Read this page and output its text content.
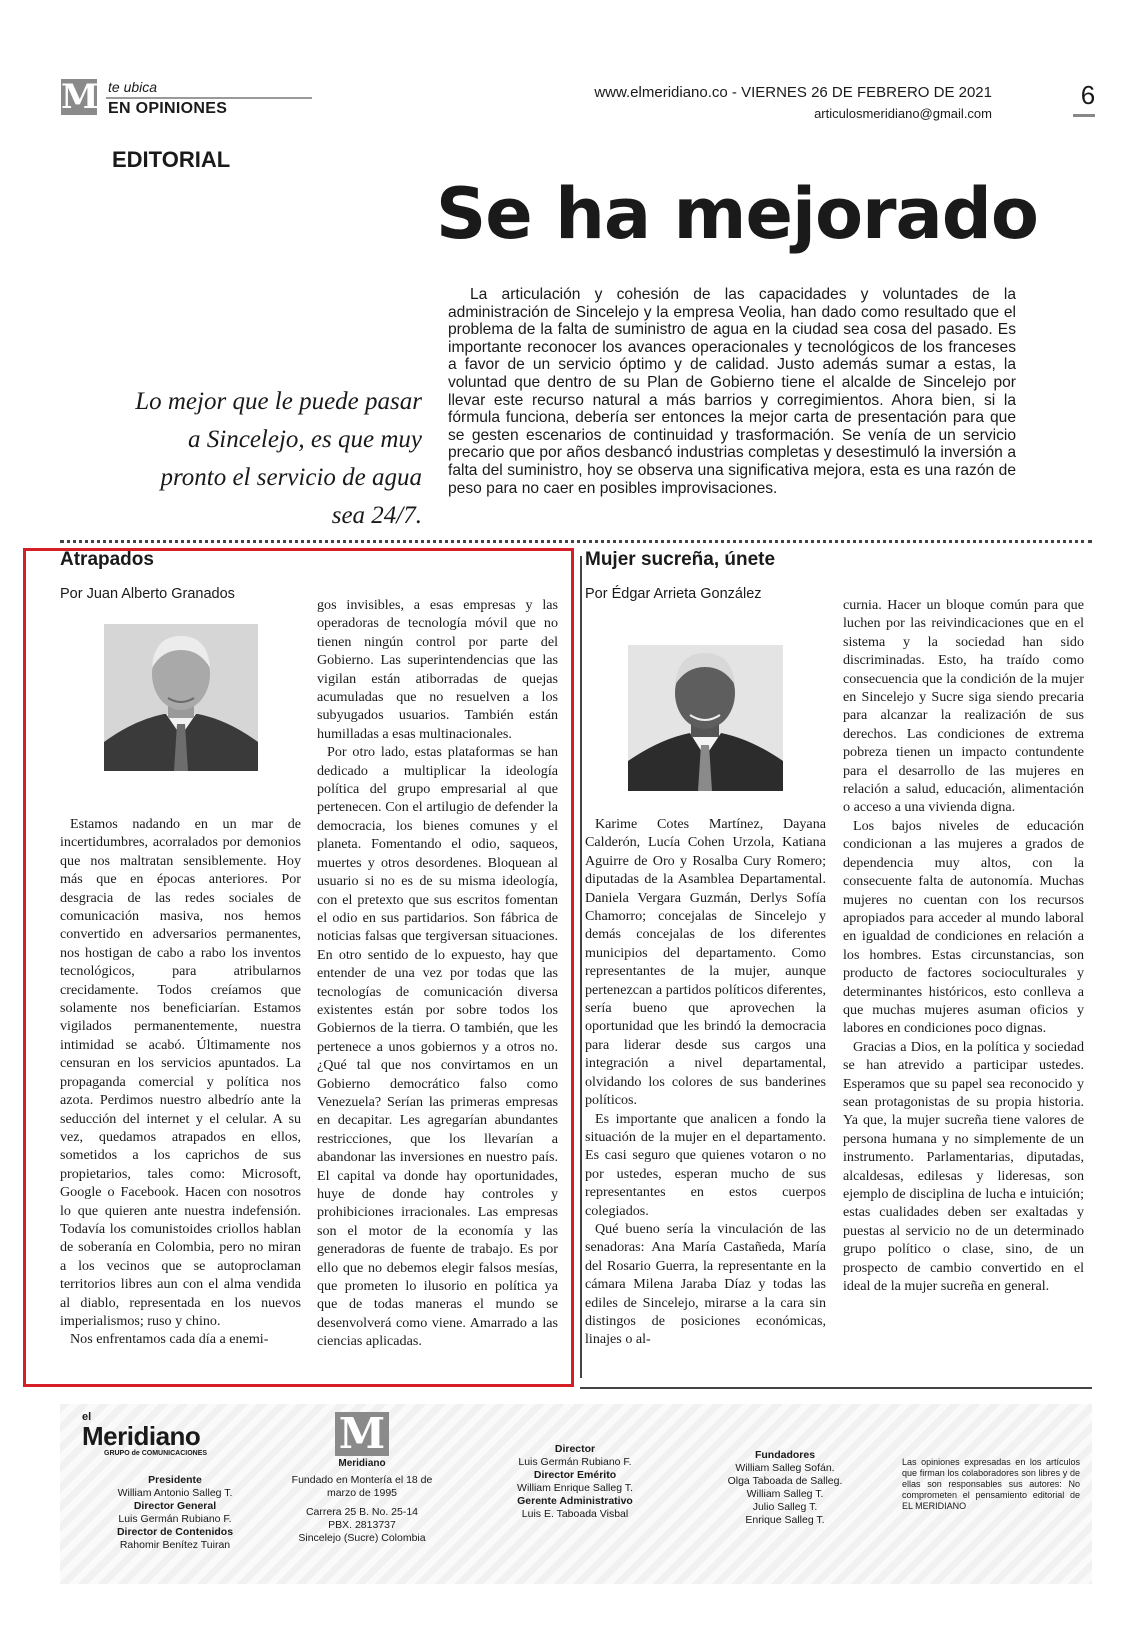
M te ubica
EN OPINIONES
www.elmeridiano.co - VIERNES 26 DE FEBRERO DE 2021
articulosmeridiano@gmail.com
6
EDITORIAL
Se ha mejorado

La articulación y cohesión de las capacidades y voluntades de la administración de Sincelejo y la empresa Veolia, han dado como resultado que el problema de la falta de suministro de agua en la ciudad sea cosa del pasado. Es importante reconocer los avances operacionales y tecnológicos de los franceses a favor de un servicio óptimo y de calidad. Justo además sumar a estas, la voluntad que dentro de su Plan de Gobierno tiene el alcalde de Sincelejo por llevar este recurso natural a más barrios y corregimientos. Ahora bien, si la fórmula funciona, debería ser entonces la mejor carta de presentación para que se gesten escenarios de continuidad y trasformación. Se venía de un servicio precario que por años desbancó industrias completas y desestimuló la inversión a falta del suministro, hoy se observa una significativa mejora, esta es una razón de peso para no caer en posibles improvisaciones.

Lo mejor que le puede pasar a Sincelejo, es que muy pronto el servicio de agua sea 24/7.
Atrapados
Por Juan Alberto Granados

Estamos nadando en un mar de incertidumbres, acorralados por demonios que nos maltratan sensiblemente. Hoy más que en épocas anteriores. Por desgracia de las redes sociales de comunicación masiva, nos hemos convertido en adversarios permanentes, nos hostigan de cabo a rabo los inventos tecnológicos, para atribularnos crecidamente. Todos creíamos que solamente nos beneficiarían. Estamos vigilados permanentemente, nuestra intimidad se acabó. Últimamente nos censuran en los servicios apuntados. La propaganda comercial y política nos azota. Perdimos nuestro albedrío ante la seducción del internet y el celular. A su vez, quedamos atrapados en ellos, sometidos a los caprichos de sus propietarios, tales como: Microsoft, Google o Facebook. Hacen con nosotros lo que quieren ante nuestra indefensión. Todavía los comunistoides criollos hablan de soberanía en Colombia, pero no miran a los vecinos que se autoproclaman territorios libres aun con el alma vendida al diablo, representada en los nuevos imperialismos; ruso y chino.

Nos enfrentamos cada día a enemi-

gos invisibles, a esas empresas y las operadoras de tecnología móvil que no tienen ningún control por parte del Gobierno. Las superintendencias que las vigilan están atiborradas de quejas acumuladas que no resuelven a los subyugados usuarios. También están humilladas a esas multinacionales.

Por otro lado, estas plataformas se han dedicado a multiplicar la ideología política del grupo empresarial al que pertenecen. Con el artilugio de defender la democracia, los bienes comunes y el planeta. Fomentando el odio, saqueos, muertes y otros desordenes. Bloquean al usuario si no es de su misma ideología, con el pretexto que sus escritos fomentan el odio en sus partidarios. Son fábrica de noticias falsas que tergiversan situaciones. En otro sentido de lo expuesto, hay que entender de una vez por todas que las tecnologías de comunicación diversa existentes están por sobre todos los Gobiernos de la tierra. O también, que les pertenece a unos gobiernos y a otros no. ¿Qué tal que nos convirtamos en un Gobierno democrático falso como Venezuela? Serían las primeras empresas en decapitar. Les agregarían abundantes restricciones, que los llevarían a abandonar las inversiones en nuestro país. El capital va donde hay oportunidades, huye de donde hay controles y prohibiciones irracionales. Las empresas son el motor de la economía y las generadoras de fuente de trabajo. Es por ello que no debemos elegir falsos mesías, que prometen lo ilusorio en política ya que de todas maneras el mundo se desenvolverá como viene. Amarrado a las ciencias aplicadas.

Mujer sucreña, únete
Por Édgar Arrieta González

Karime Cotes Martínez, Dayana Calderón, Lucía Cohen Urzola, Katiana Aguirre de Oro y Rosalba Cury Romero; diputadas de la Asamblea Departamental. Daniela Vergara Guzmán, Derlys Sofía Chamorro; concejalas de Sincelejo y demás concejalas de los diferentes municipios del departamento. Como representantes de la mujer, aunque pertenezcan a partidos políticos diferentes, sería bueno que aprovechen la oportunidad que les brindó la democracia para liderar desde sus cargos una integración a nivel departamental, olvidando los colores de sus banderines políticos.

Es importante que analicen a fondo la situación de la mujer en el departamento. Es casi seguro que quienes votaron o no por ustedes, esperan mucho de sus representantes en estos cuerpos colegiados.

Qué bueno sería la vinculación de las senadoras: Ana María Castañeda, María del Rosario Guerra, la representante en la cámara Milena Jaraba Díaz y todas las ediles de Sincelejo, mirarse a la cara sin distingos de posiciones económicas, linajes o al-

curnia. Hacer un bloque común para que luchen por las reivindicaciones que en el sistema y la sociedad han sido discriminadas. Esto, ha traído como consecuencia que la condición de la mujer en Sincelejo y Sucre siga siendo precaria para alcanzar la realización de sus derechos. Las condiciones de extrema pobreza tienen un impacto contundente para el desarrollo de las mujeres en relación a salud, educación, alimentación o acceso a una vivienda digna.

Los bajos niveles de educación condicionan a las mujeres a grados de dependencia muy altos, con la consecuente falta de autonomía. Muchas mujeres no cuentan con los recursos apropiados para acceder al mundo laboral en igualdad de condiciones en relación a los hombres. Estas circunstancias, son producto de factores socioculturales y determinantes históricos, esto conlleva a que muchas mujeres asuman oficios y labores en condiciones poco dignas.

Gracias a Dios, en la política y sociedad se han atrevido a participar ustedes. Esperamos que su papel sea reconocido y sean protagonistas de su propia historia. Ya que, la mujer sucreña tiene valores de persona humana y no simplemente de un instrumento. Parlamentarias, diputadas, alcaldesas, edilesas y lideresas, son ejemplo de disciplina de lucha e intuición; estas cualidades deben ser exaltadas y puestas al servicio no de un determinado grupo político o clase, sino, de un prospecto de cambio convertido en el ideal de la mujer sucreña en general.

el
Meridiano
GRUPO de COMUNICACIONES
Presidente
William Antonio Salleg T.
Director General
Luis Germán Rubiano F.
Director de Contenidos
Rahomir Benítez Tuiran
M
Meridiano
Fundado en Montería el 18 de marzo de 1995

Carrera 25 B. No. 25-14
PBX. 2813737
Sincelejo (Sucre) Colombia
Director
Luis Germán Rubiano F.
Director Emérito
William Enrique Salleg T.
Gerente Administrativo
Luis E. Taboada Visbal
Fundadores
William Salleg Sofán.
Olga Taboada de Salleg.
William Salleg T.
Julio Salleg T.
Enrique Salleg T.
Las opiniones expresadas en los artículos que firman los colaboradores son libres y de ellas son responsables sus autores: No comprometen el pensamiento editorial de EL MERIDIANO
